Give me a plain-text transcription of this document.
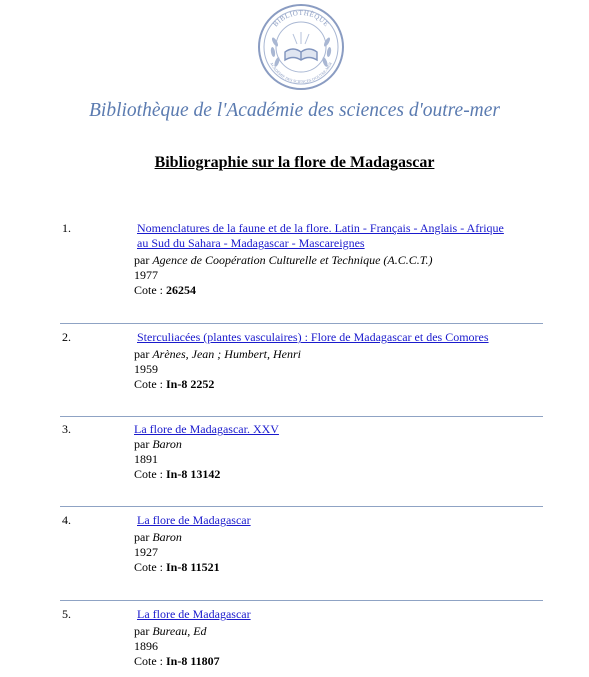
BIBLIOTHÈQUE
ACADÉMIE DES SCIENCES D'OUTRE-MER
Bibliothèque de l'Académie des sciences d'outre-mer
Bibliographie sur la flore de Madagascar
1.	Nomenclatures de la faune et de la flore. Latin - Français - Anglais - Afrique
au Sud du Sahara - Madagascar - Mascareignes
par Agence de Coopération Culturelle et Technique (A.C.C.T.)
1977
Cote : 26254
2.	Sterculiacées (plantes vasculaires) : Flore de Madagascar et des Comores
par Arènes, Jean ; Humbert, Henri
1959
Cote : In-8 2252
3.	La flore de Madagascar. XXV
par Baron
1891
Cote : In-8 13142
4.	La flore de Madagascar
par Baron
1927
Cote : In-8 11521
5.	La flore de Madagascar
par Bureau, Ed
1896
Cote : In-8 11807
